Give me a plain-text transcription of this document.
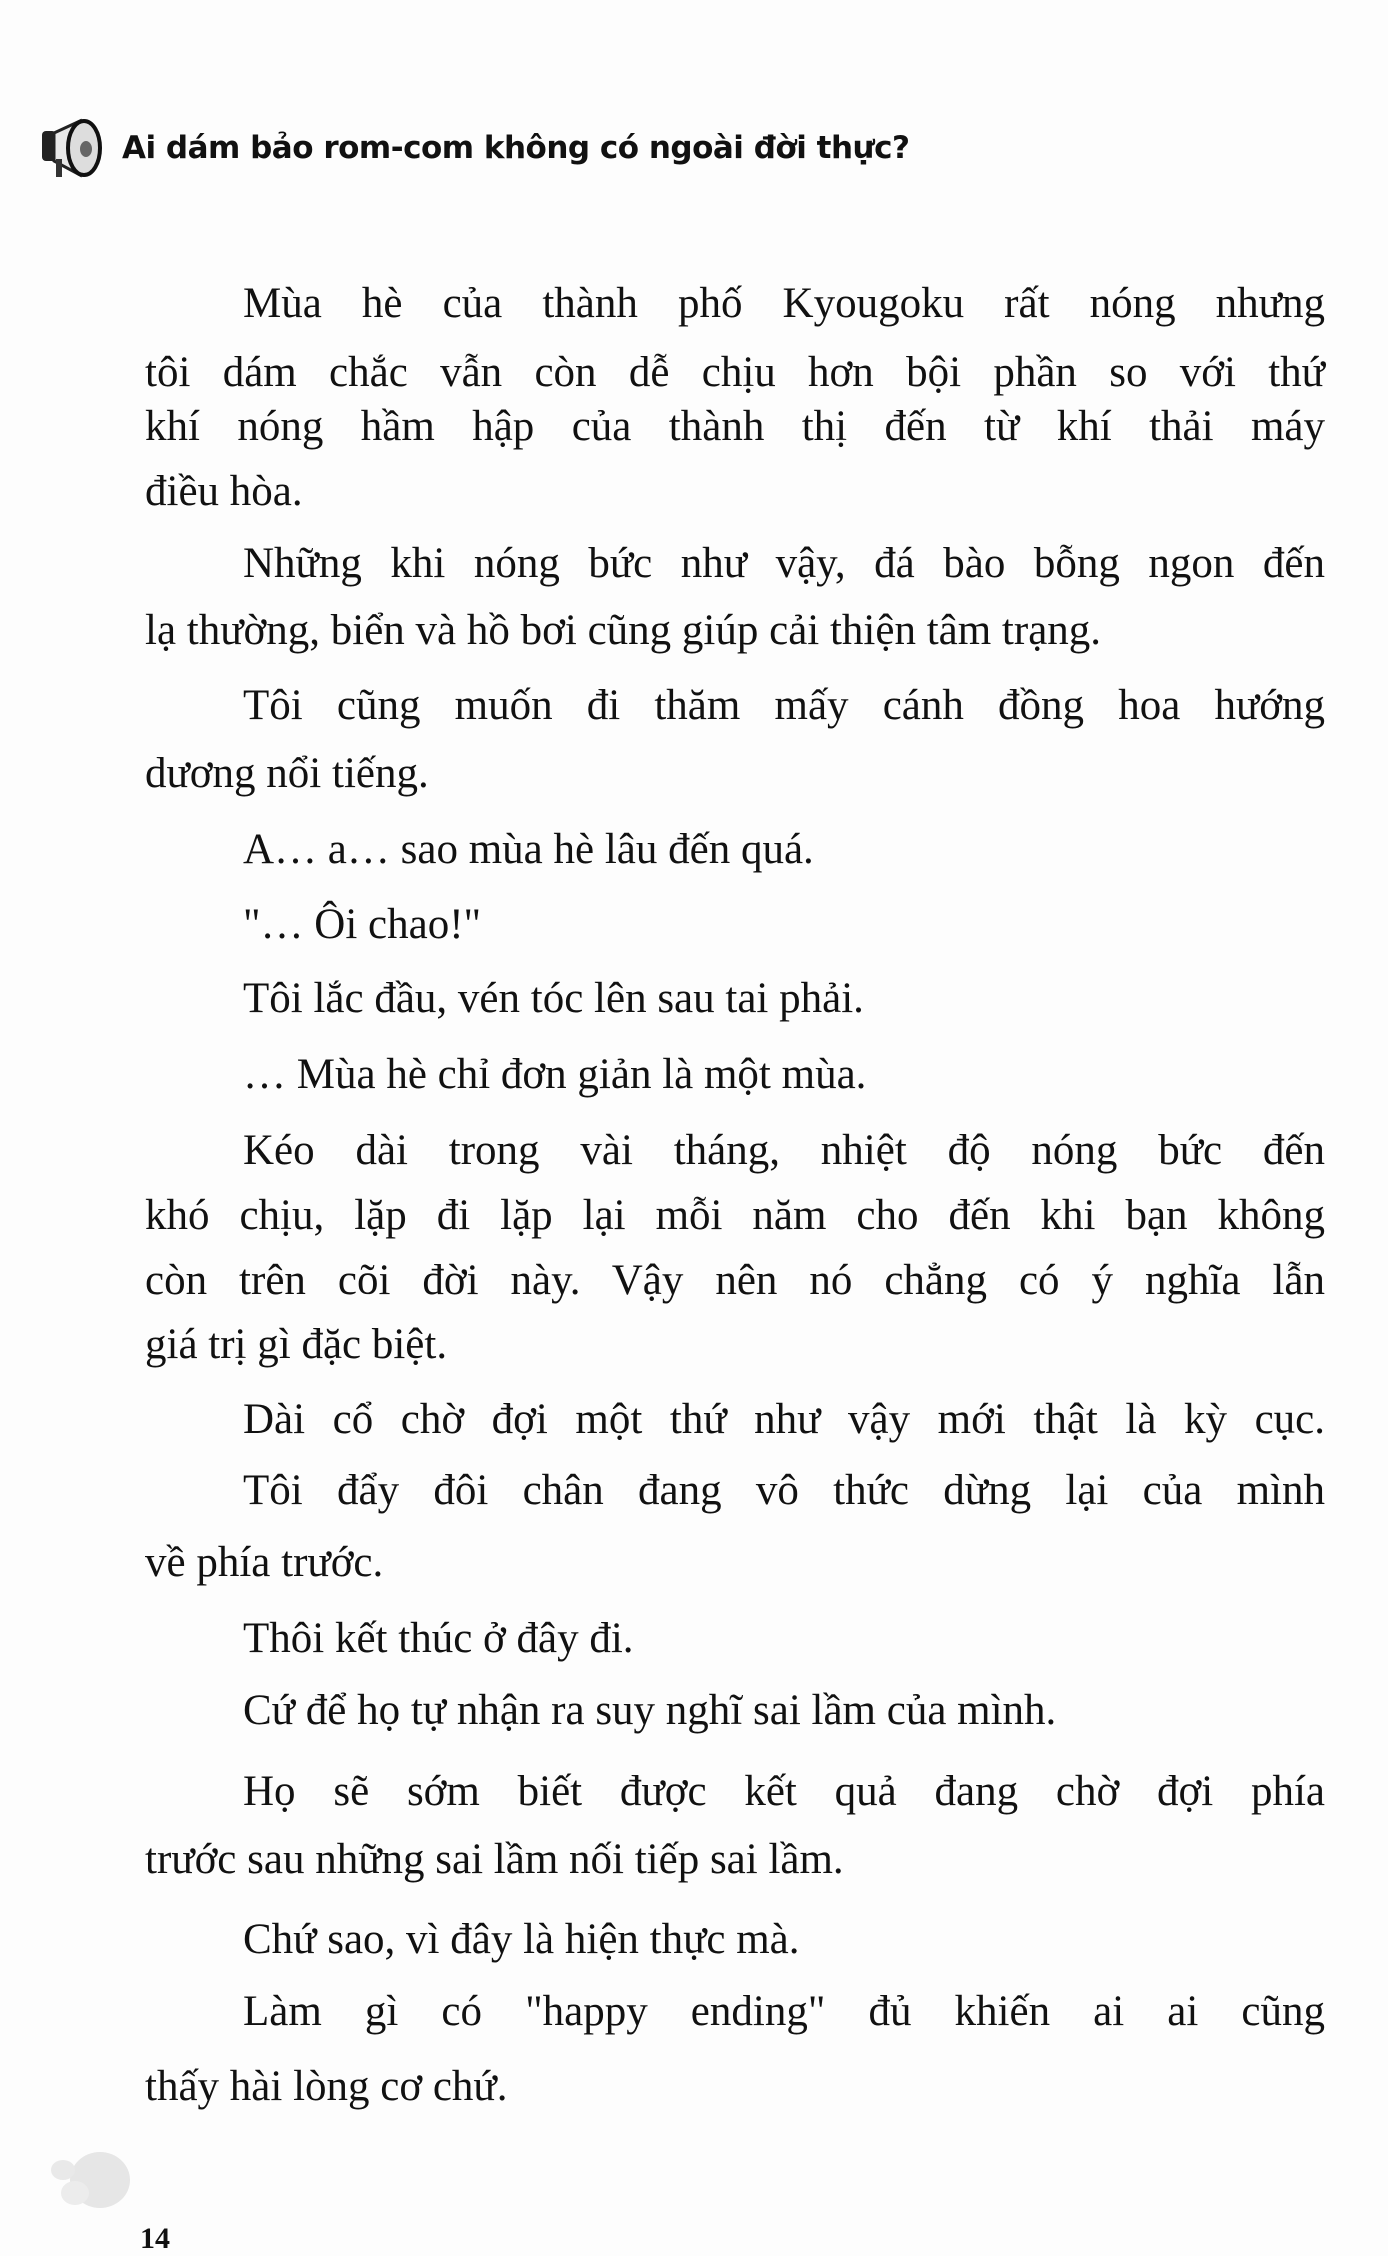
Ai dám bảo rom-com không có ngoài đời thực?
Mùa hè của thành phố Kyougoku rất nóng nhưng
tôi dám chắc vẫn còn dễ chịu hơn bội phần so với thứ
khí nóng hầm hập của thành thị đến từ khí thải máy
điều hòa.
Những khi nóng bức như vậy, đá bào bỗng ngon đến
lạ thường, biển và hồ bơi cũng giúp cải thiện tâm trạng.
Tôi cũng muốn đi thăm mấy cánh đồng hoa hướng
dương nổi tiếng.
A… a… sao mùa hè lâu đến quá.
"… Ôi chao!"
Tôi lắc đầu, vén tóc lên sau tai phải.
… Mùa hè chỉ đơn giản là một mùa.
Kéo dài trong vài tháng, nhiệt độ nóng bức đến
khó chịu, lặp đi lặp lại mỗi năm cho đến khi bạn không
còn trên cõi đời này. Vậy nên nó chẳng có ý nghĩa lẫn
giá trị gì đặc biệt.
Dài cổ chờ đợi một thứ như vậy mới thật là kỳ cục.
Tôi đẩy đôi chân đang vô thức dừng lại của mình
về phía trước.
Thôi kết thúc ở đây đi.
Cứ để họ tự nhận ra suy nghĩ sai lầm của mình.
Họ sẽ sớm biết được kết quả đang chờ đợi phía
trước sau những sai lầm nối tiếp sai lầm.
Chứ sao, vì đây là hiện thực mà.
Làm gì có "happy ending" đủ khiến ai ai cũng
thấy hài lòng cơ chứ.
14
